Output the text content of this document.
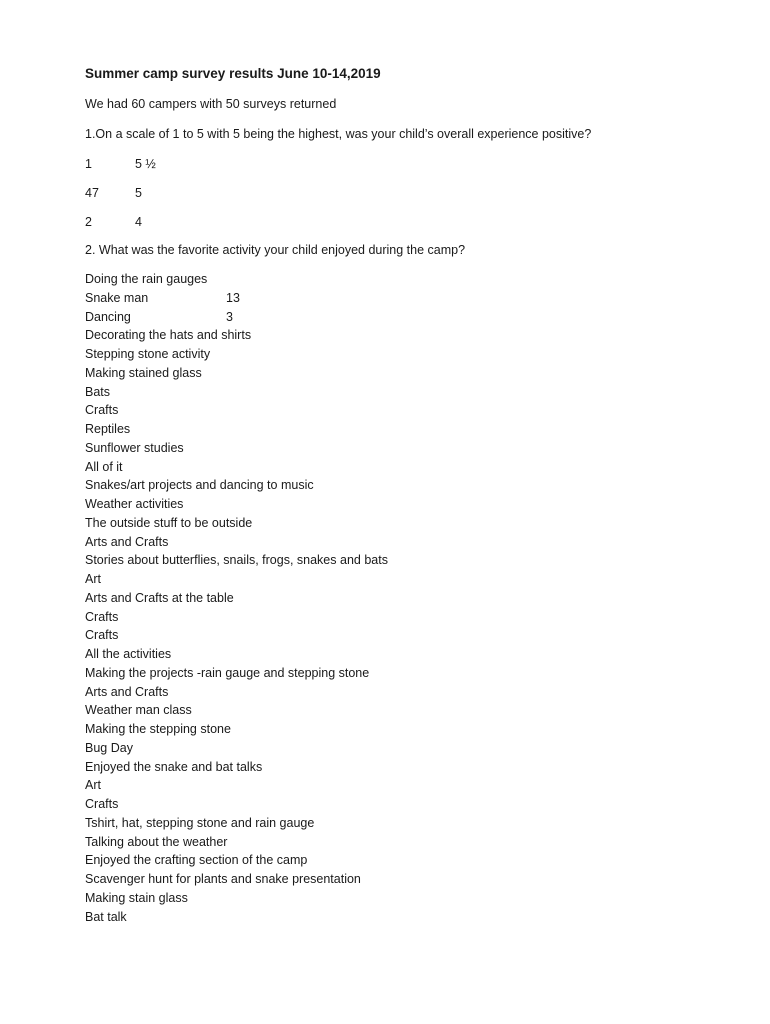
Summer camp survey results June 10-14,2019
We had 60 campers with 50 surveys returned
1.On a scale of 1 to 5 with 5 being the highest, was your child’s overall experience positive?
1	5 ½
47	5
2	4
2. What was the favorite activity your child enjoyed during the camp?
Doing the rain gauges
Snake man	13
Dancing	3
Decorating the hats and shirts
Stepping stone activity
Making stained glass
Bats
Crafts
Reptiles
Sunflower studies
All of it
Snakes/art projects and dancing to music
Weather activities
The outside stuff to be outside
Arts and Crafts
Stories about butterflies, snails, frogs, snakes and bats
Art
Arts and Crafts at the table
Crafts
Crafts
All the activities
Making the projects -rain gauge and stepping stone
Arts and Crafts
Weather man class
Making the stepping stone
Bug Day
Enjoyed the snake and bat talks
Art
Crafts
Tshirt, hat, stepping stone and rain gauge
Talking about the weather
Enjoyed the crafting section of the camp
Scavenger hunt for plants and snake presentation
Making stain glass
Bat talk
